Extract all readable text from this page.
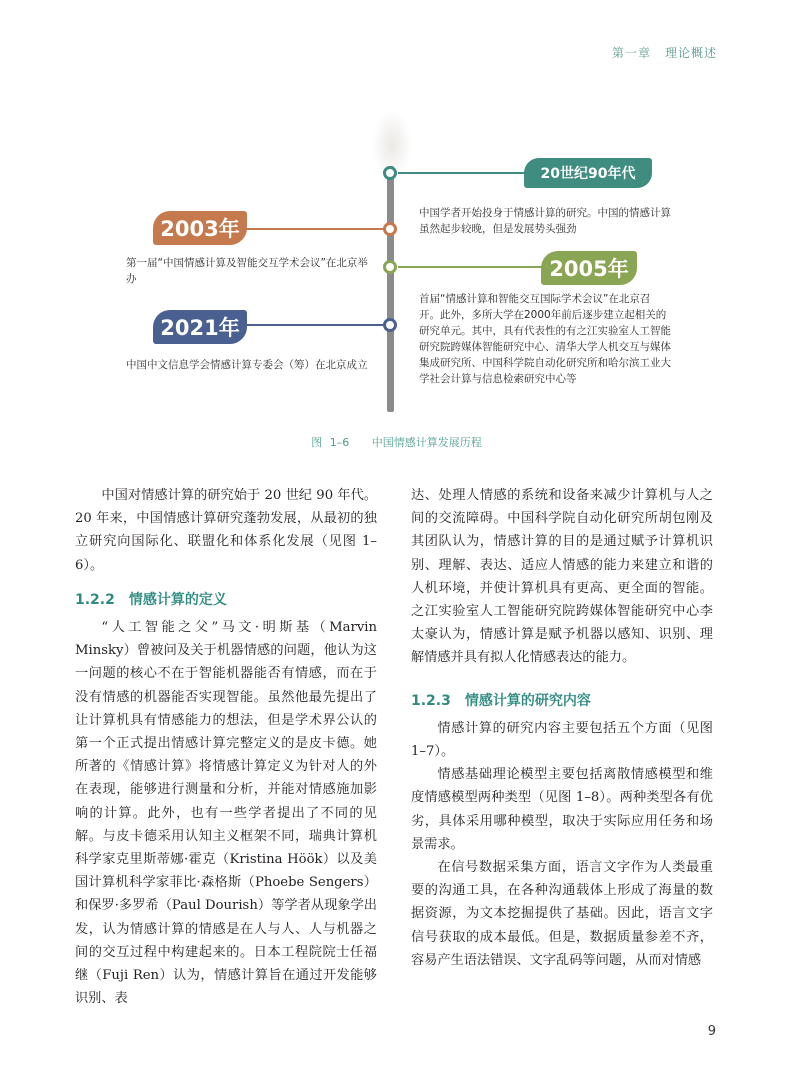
第一章 理论概述
20世纪90年代
中国学者开始投身于情感计算的研究。中国的情感计算虽然起步较晚，但是发展势头强劲
2003年
第一届“中国情感计算及智能交互学术会议”在北京举办	2005年
首届“情感计算和智能交互国际学术会议”在北京召开。此外，多所大学在2000年前后逐步建立起相关的研究单元。其中，具有代表性的有之江实验室人工智能研究院跨媒体智能研究中心、清华大学人机交互与媒体集成研究所、中国科学院自动化研究所和哈尔滨工业大学社会计算与信息检索研究中心等
2021年
中国中文信息学会情感计算专委会（筹）在北京成立
图 1–6 中国情感计算发展历程

中国对情感计算的研究始于 20 世纪 90 年代。20 年来，中国情感计算研究蓬勃发展，从最初的独立研究向国际化、联盟化和体系化发展（见图 1–6）。

1.2.2 情感计算的定义

“人工智能之父”马文·明斯基（Marvin Minsky）曾被问及关于机器情感的问题，他认为这一问题的核心不在于智能机器能否有情感，而在于没有情感的机器能否实现智能。虽然他最先提出了让计算机具有情感能力的想法，但是学术界公认的第一个正式提出情感计算完整定义的是皮卡德。她所著的《情感计算》将情感计算定义为针对人的外在表现，能够进行测量和分析，并能对情感施加影响的计算。此外，也有一些学者提出了不同的见解。与皮卡德采用认知主义框架不同，瑞典计算机科学家克里斯蒂娜·霍克（Kristina Höök）以及美国计算机科学家菲比·森格斯（Phoebe Sengers）和保罗·多罗希（Paul Dourish）等学者从现象学出发，认为情感计算的情感是在人与人、人与机器之间的交互过程中构建起来的。日本工程院院士任福继（Fuji Ren）认为，情感计算旨在通过开发能够识别、表

达、处理人情感的系统和设备来减少计算机与人之间的交流障碍。中国科学院自动化研究所胡包刚及其团队认为，情感计算的目的是通过赋予计算机识别、理解、表达、适应人情感的能力来建立和谐的人机环境，并使计算机具有更高、更全面的智能。之江实验室人工智能研究院跨媒体智能研究中心李太豪认为，情感计算是赋予机器以感知、识别、理解情感并具有拟人化情感表达的能力。

1.2.3 情感计算的研究内容

情感计算的研究内容主要包括五个方面（见图 1–7）。

情感基础理论模型主要包括离散情感模型和维度情感模型两种类型（见图 1–8）。两种类型各有优劣，具体采用哪种模型，取决于实际应用任务和场景需求。

在信号数据采集方面，语言文字作为人类最重要的沟通工具，在各种沟通载体上形成了海量的数据资源，为文本挖掘提供了基础。因此，语言文字信号获取的成本最低。但是，数据质量参差不齐，容易产生语法错误、文字乱码等问题，从而对情感

9
